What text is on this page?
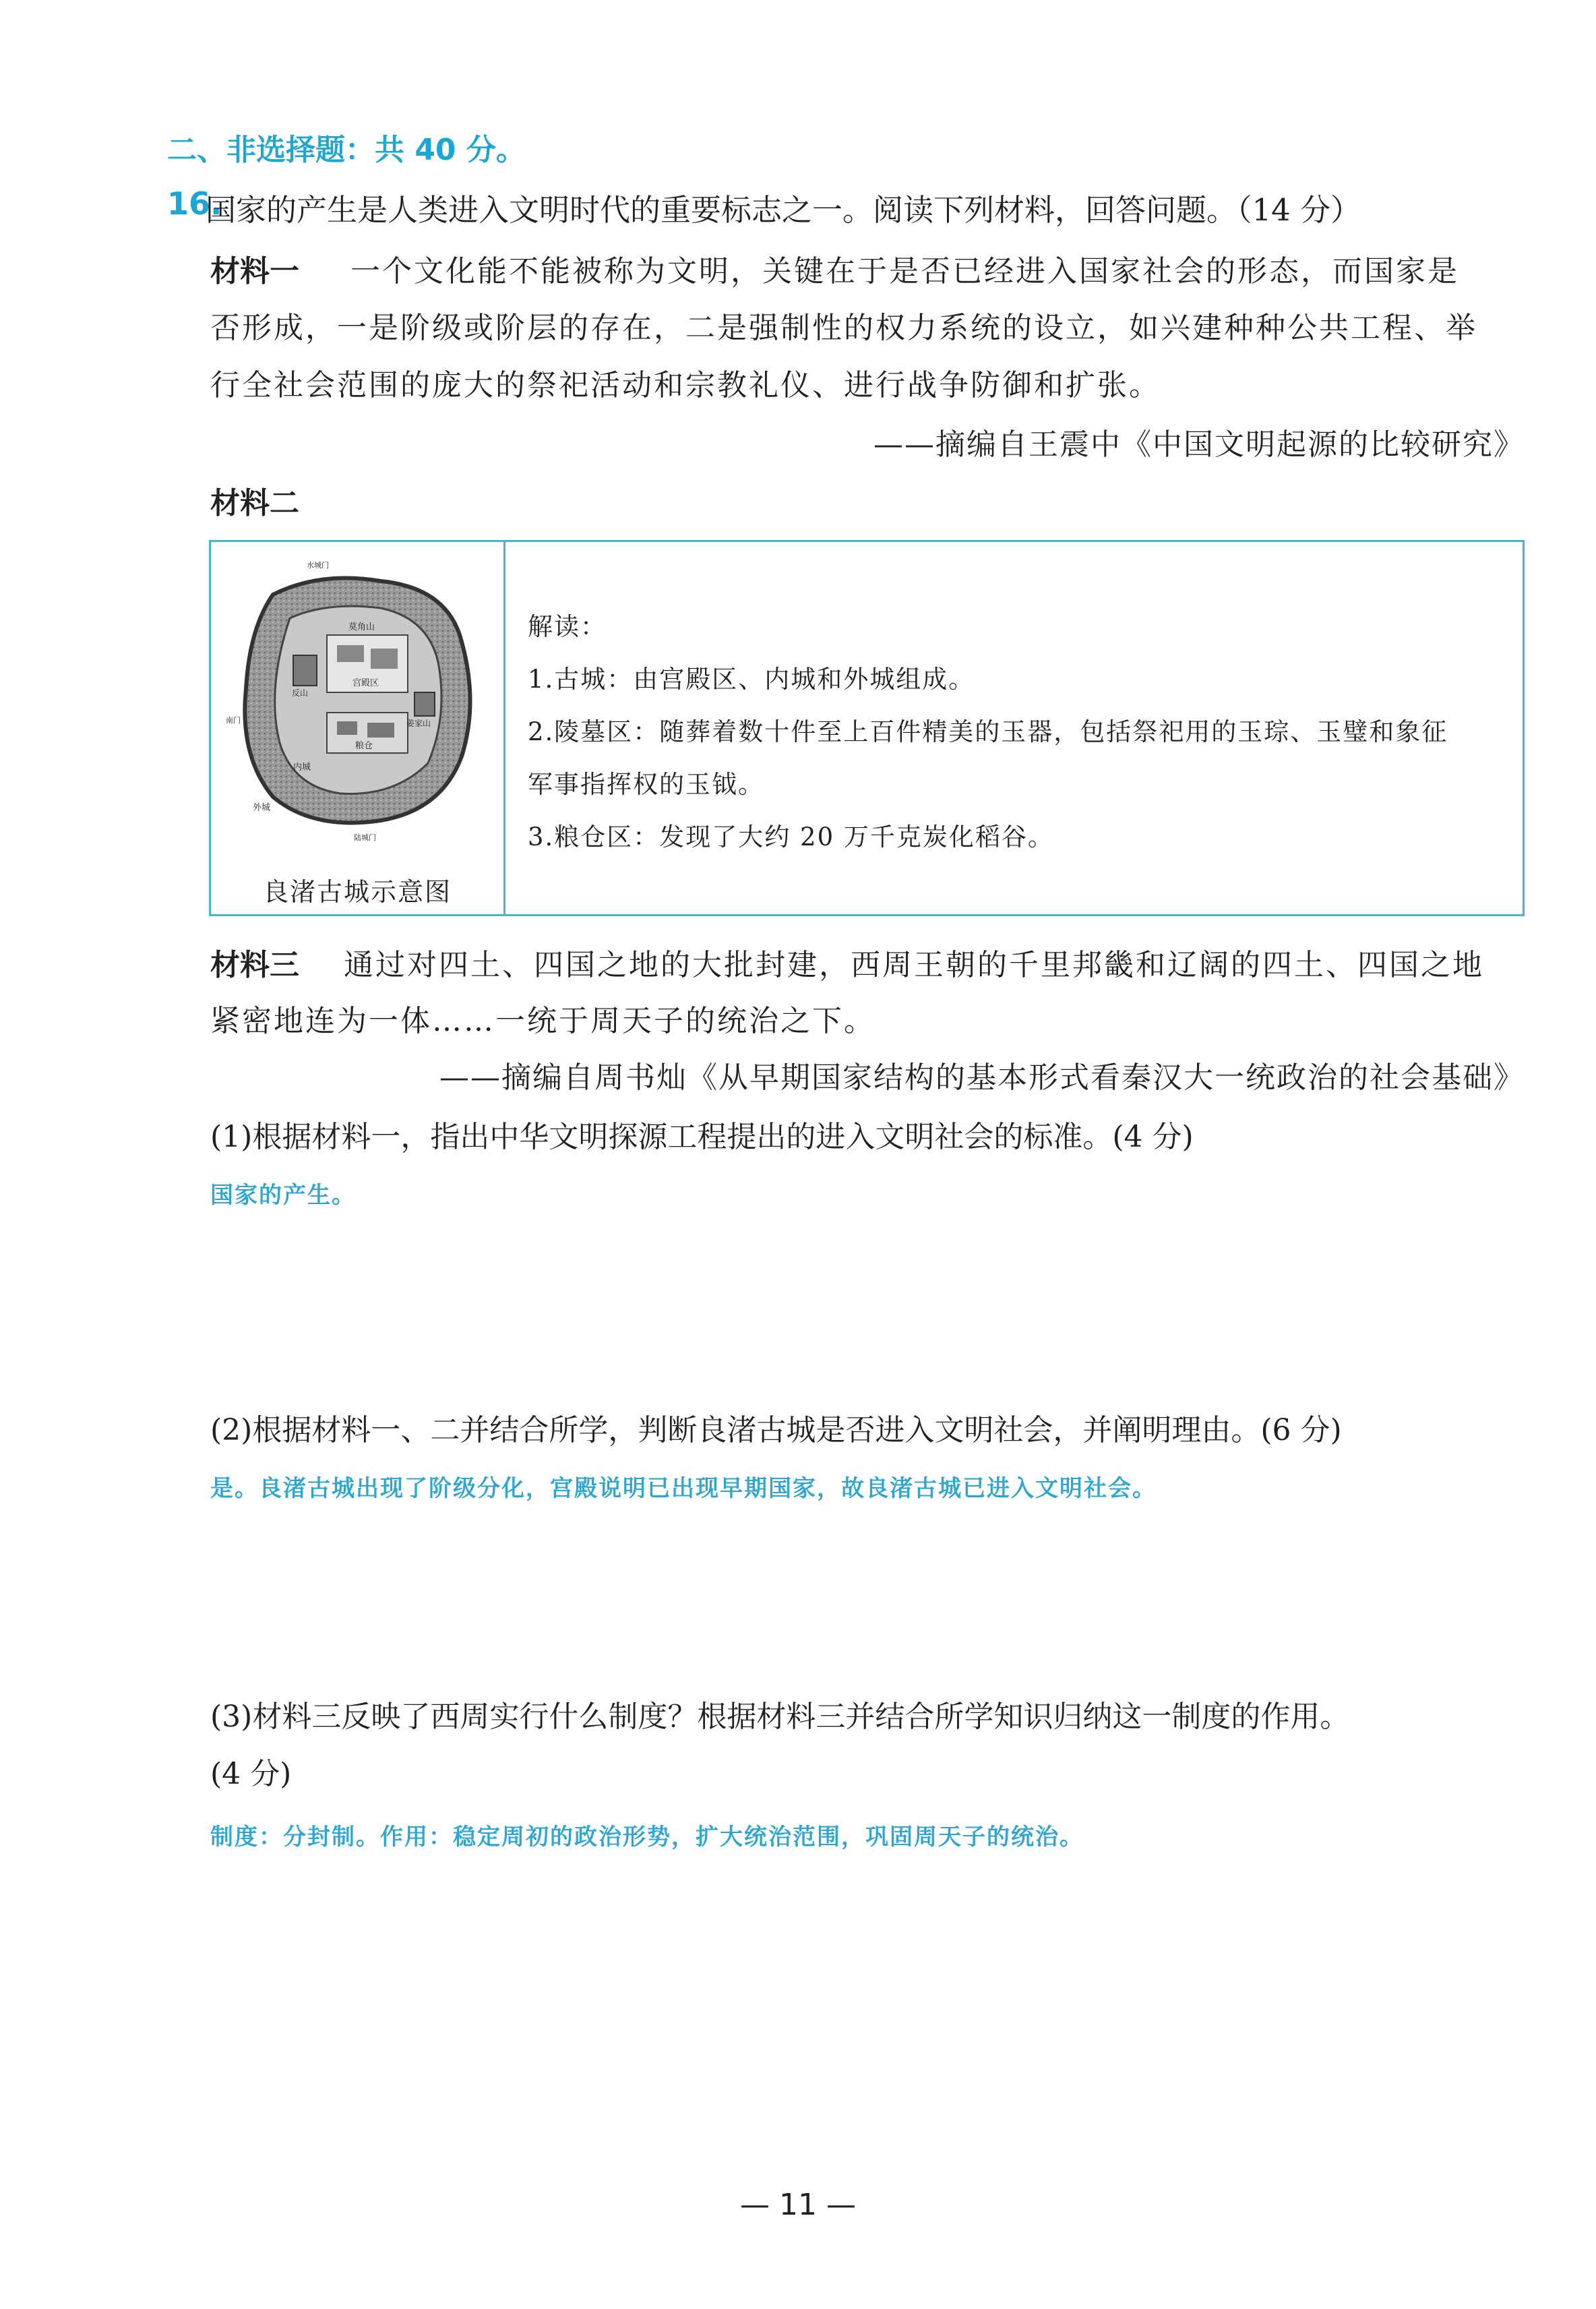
二、非选择题：共 40 分。
16.
国家的产生是人类进入文明时代的重要标志之一。阅读下列材料，回答问题。（14 分）
材料一 一个文化能不能被称为文明，关键在于是否已经进入国家社会的形态，而国家是
否形成，一是阶级或阶层的存在，二是强制性的权力系统的设立，如兴建种种公共工程、举
行全社会范围的庞大的祭祀活动和宗教礼仪、进行战争防御和扩张。
——摘编自王震中《中国文明起源的比较研究》
材料二
莫角山
宫殿区
内城
外城
粮仓
反山
姜家山
水城门
陆城门
南门
良渚古城示意图
解读：
1.古城：由宫殿区、内城和外城组成。
2.陵墓区：随葬着数十件至上百件精美的玉器，包括祭祀用的玉琮、玉璧和象征
军事指挥权的玉钺。
3.粮仓区：发现了大约 20 万千克炭化稻谷。
材料三 通过对四土、四国之地的大批封建，西周王朝的千里邦畿和辽阔的四土、四国之地
紧密地连为一体……一统于周天子的统治之下。
——摘编自周书灿《从早期国家结构的基本形式看秦汉大一统政治的社会基础》
(1)根据材料一，指出中华文明探源工程提出的进入文明社会的标准。(4 分)
国家的产生。
(2)根据材料一、二并结合所学，判断良渚古城是否进入文明社会，并阐明理由。(6 分)
是。良渚古城出现了阶级分化，宫殿说明已出现早期国家，故良渚古城已进入文明社会。
(3)材料三反映了西周实行什么制度？根据材料三并结合所学知识归纳这一制度的作用。
(4 分)
制度：分封制。作用：稳定周初的政治形势，扩大统治范围，巩固周天子的统治。
— 11 —
